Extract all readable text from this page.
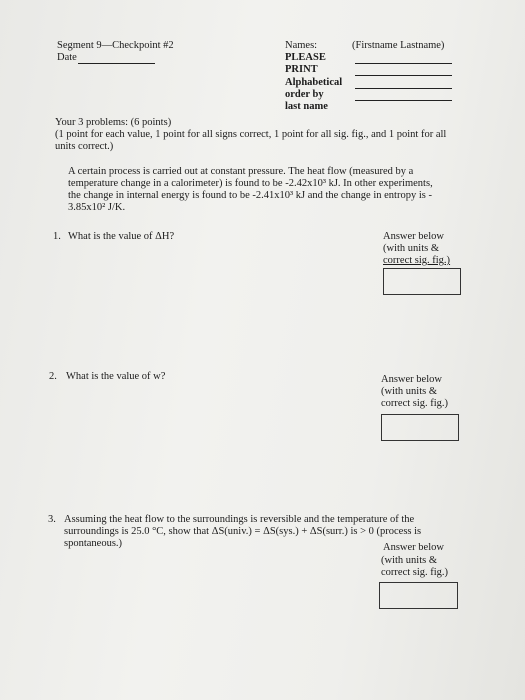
Segment 9—Checkpoint #2
Date
Names:	(Firstname Lastname)
PLEASE
PRINT
Alphabetical
order by
last name
Your 3 problems: (6 points)
(1 point for each value, 1 point for all signs correct, 1 point for all sig. fig., and 1 point for all
units correct.)
A certain process is carried out at constant pressure. The heat flow (measured by a
temperature change in a calorimeter) is found to be -2.42x10³ kJ. In other experiments,
the change in internal energy is found to be -2.41x10³ kJ and the change in entropy is -
3.85x10² J/K.
1. What is the value of ΔH?	Answer below
(with units &
correct sig. fig.)
2. What is the value of w?	Answer below
(with units &
correct sig. fig.)
3. Assuming the heat flow to the surroundings is reversible and the temperature of the
surroundings is 25.0 °C, show that ΔS(univ.) = ΔS(sys.) + ΔS(surr.) is > 0 (process is
spontaneous.)	Answer below
(with units &
correct sig. fig.)
